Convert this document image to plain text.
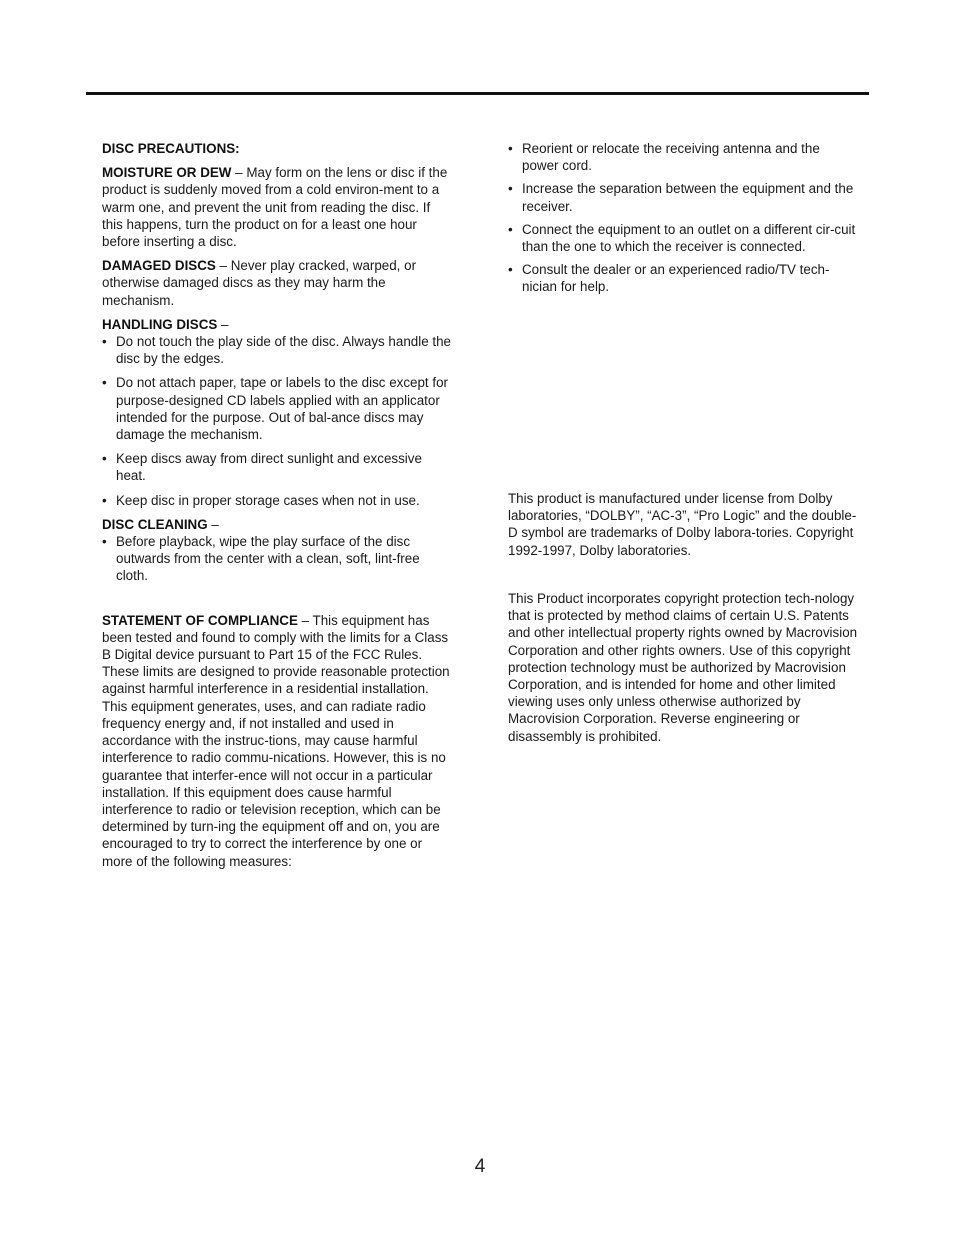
DISC PRECAUTIONS:

MOISTURE OR DEW – May form on the lens or disc if the product is suddenly moved from a cold environ-ment to a warm one, and prevent the unit from reading the disc. If this happens, turn the product on for a least one hour before inserting a disc.

DAMAGED DISCS – Never play cracked, warped, or otherwise damaged discs as they may harm the mechanism.

HANDLING DISCS –

• Do not touch the play side of the disc. Always handle the disc by the edges.
• Do not attach paper, tape or labels to the disc except for purpose-designed CD labels applied with an applicator intended for the purpose. Out of bal-ance discs may damage the mechanism.
• Keep discs away from direct sunlight and excessive heat.
• Keep disc in proper storage cases when not in use.

DISC CLEANING –

• Before playback, wipe the play surface of the disc outwards from the center with a clean, soft, lint-free cloth.

STATEMENT OF COMPLIANCE – This equipment has been tested and found to comply with the limits for a Class B Digital device pursuant to Part 15 of the FCC Rules. These limits are designed to provide reasonable protection against harmful interference in a residential installation. This equipment generates, uses, and can radiate radio frequency energy and, if not installed and used in accordance with the instruc-tions, may cause harmful interference to radio commu-nications. However, this is no guarantee that interfer-ence will not occur in a particular installation. If this equipment does cause harmful interference to radio or television reception, which can be determined by turn-ing the equipment off and on, you are encouraged to try to correct the interference by one or more of the following measures:

• Reorient or relocate the receiving antenna and the power cord.
• Increase the separation between the equipment and the receiver.
• Connect the equipment to an outlet on a different cir-cuit than the one to which the receiver is connected.
• Consult the dealer or an experienced radio/TV tech-nician for help.

This product is manufactured under license from Dolby laboratories, “DOLBY”, “AC-3”, “Pro Logic” and the double-D symbol are trademarks of Dolby labora-tories. Copyright 1992-1997, Dolby laboratories.

This Product incorporates copyright protection tech-nology that is protected by method claims of certain U.S. Patents and other intellectual property rights owned by Macrovision Corporation and other rights owners. Use of this copyright protection technology must be authorized by Macrovision Corporation, and is intended for home and other limited viewing uses only unless otherwise authorized by Macrovision Corporation. Reverse engineering or disassembly is prohibited.

4
